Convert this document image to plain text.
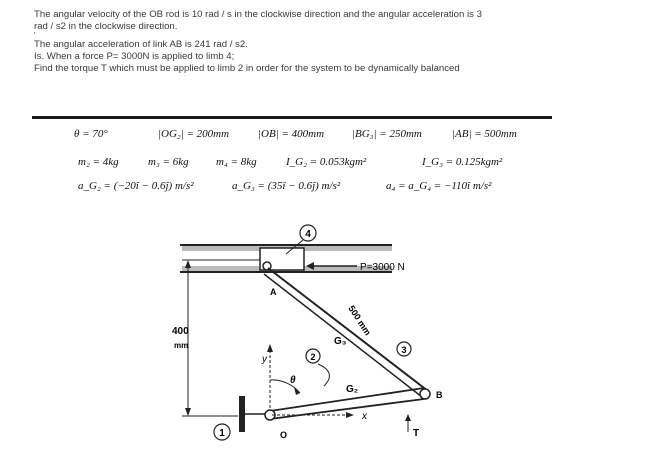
The angular velocity of the OB rod is 10 rad / s in the clockwise direction and the angular acceleration is 3
rad / s2 in the clockwise direction.
'
The angular acceleration of link AB is 241 rad / s2.
Is. When a force P= 3000N is applied to limb 4;
Find the torque T which must be applied to limb 2 in order for the system to be dynamically balanced
θ = 70°	|OG₂| = 200mm	|OB| = 400mm	|BG₃| = 250mm	|AB| = 500mm
m₂ = 4kg	m₃ = 6kg m₄ = 8kg	I_G₂ = 0.053kgm²	I_G₃ = 0.125kgm²
a_G₂ = (−20î − 0.6ĵ) m/s²	a_G₃ = (35î − 0.6ĵ) m/s²	a₄ = a_G₄ = −110î m/s²
4
P=3000 N
A
500 mm
G₃
3
B
G₂
2
O
y
θ
x
T
1
400
mm
